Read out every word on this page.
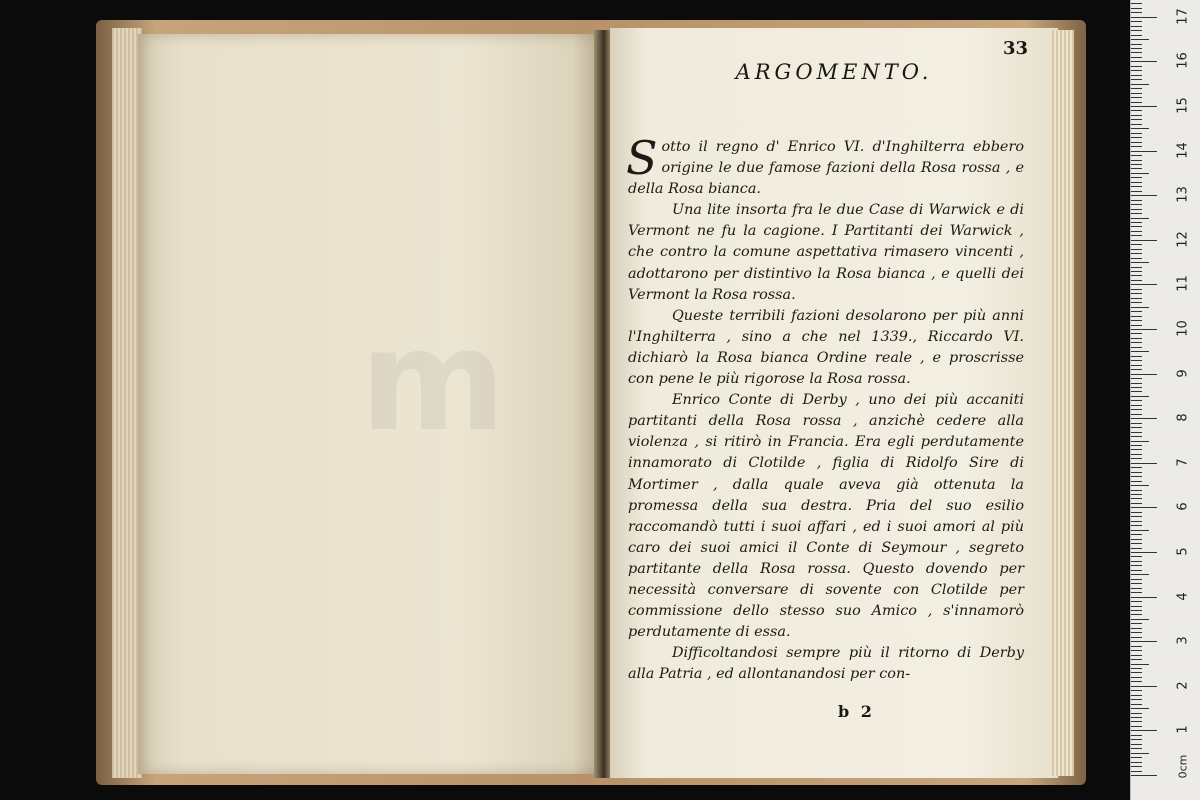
m
33
ARGOMENTO.

Sotto il regno d' Enrico VI. d'Inghilterra ebbero origine le due famose fazioni della Rosa rossa , e della Rosa bianca.

Una lite insorta fra le due Case di Warwick e di Vermont ne fu la cagione. I Partitanti dei Warwick , che contro la comune aspettativa rimasero vincenti , adottarono per distintivo la Rosa bianca , e quelli dei Vermont la Rosa rossa.

Queste terribili fazioni desolarono per più anni l'Inghilterra , sino a che nel 1339., Riccardo VI. dichiarò la Rosa bianca Ordine reale , e proscrisse con pene le più rigorose la Rosa rossa.

Enrico Conte di Derby , uno dei più accaniti partitanti della Rosa rossa , anzichè cedere alla violenza , si ritirò in Francia. Era egli perdutamente innamorato di Clotilde , figlia di Ridolfo Sire di Mortimer , dalla quale aveva già ottenuta la promessa della sua destra. Pria del suo esilio raccomandò tutti i suoi affari , ed i suoi amori al più caro dei suoi amici il Conte di Seymour , segreto partitante della Rosa rossa. Questo dovendo per necessità conversare di sovente con Clotilde per commissione dello stesso suo Amico , s'innamorò perdutamente di essa.

Difficoltandosi sempre più il ritorno di Derby alla Patria , ed allontanandosi per con-

b 2
0cm
1
2
3
4
5
6
7
8
9
10
11
12
13
14
15
16
17
